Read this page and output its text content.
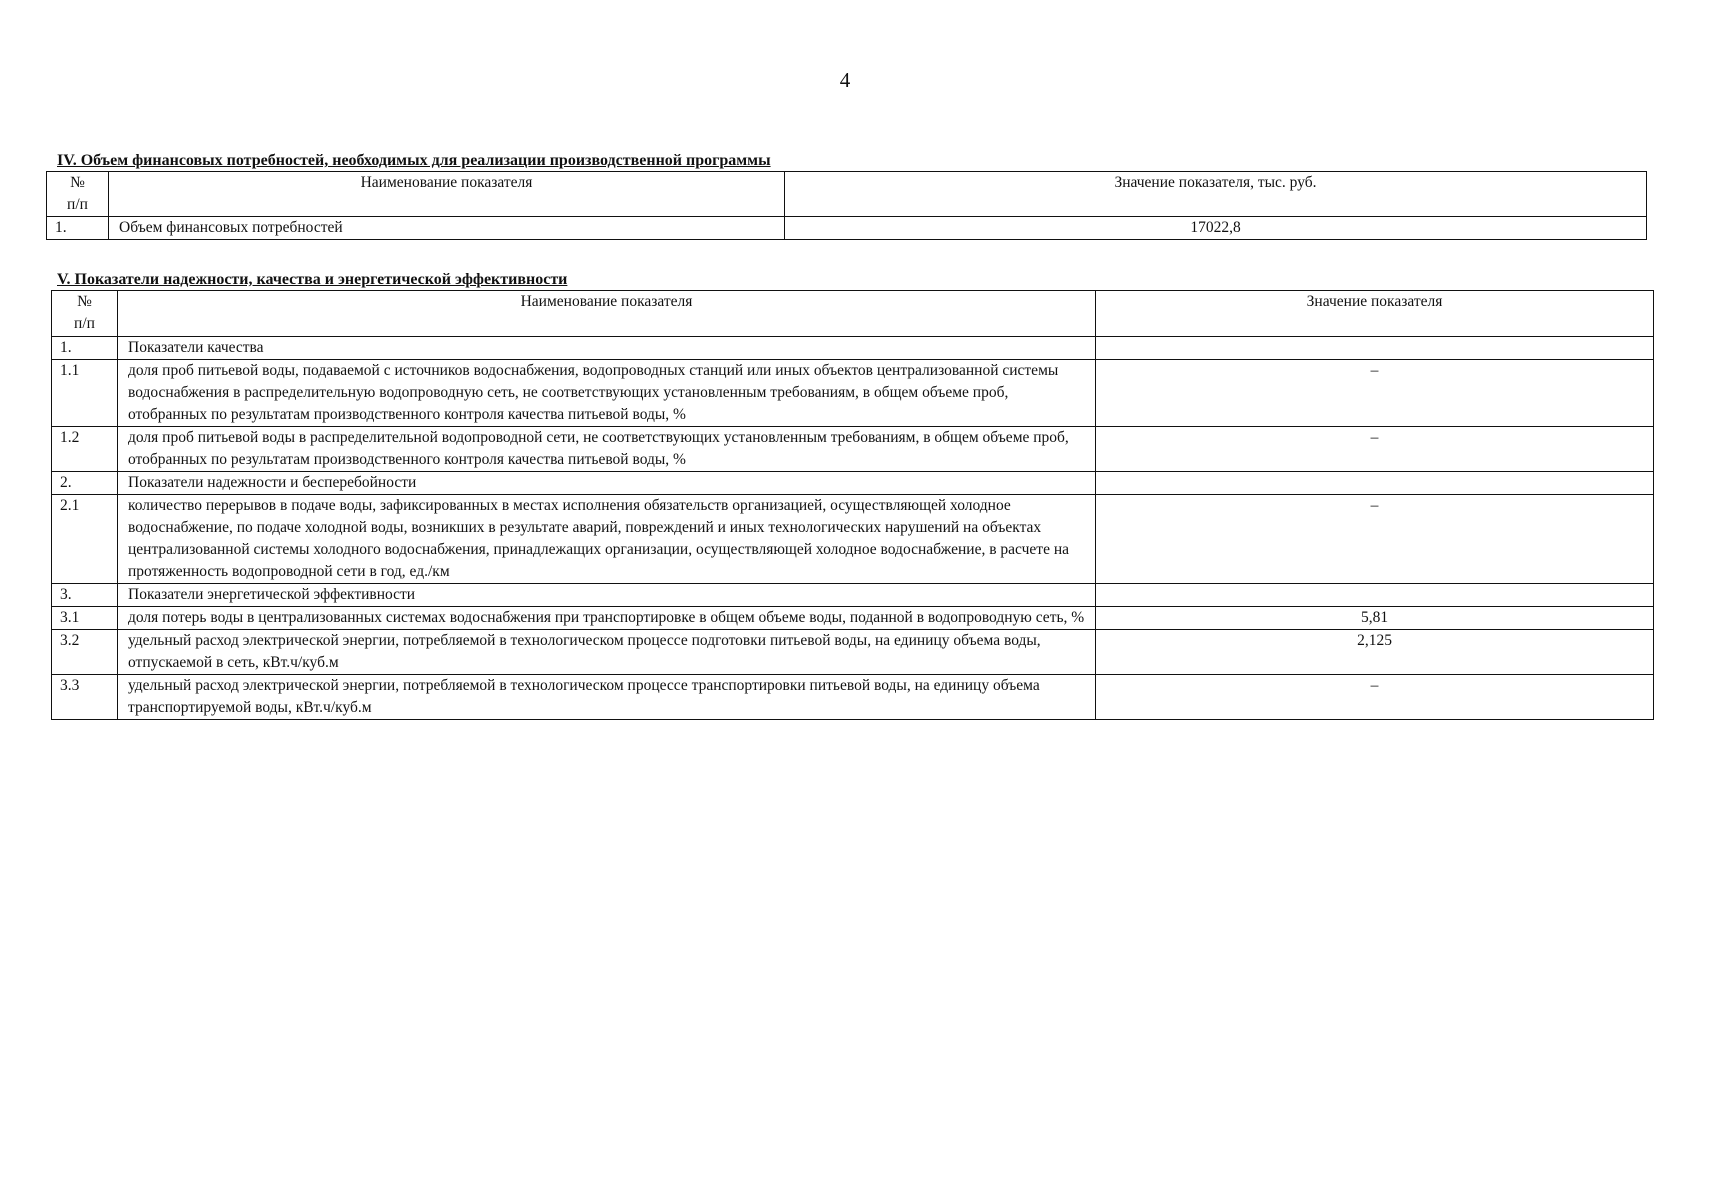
4
IV. Объем финансовых потребностей, необходимых для реализации производственной программы
№
п/п	Наименование показателя	Значение показателя, тыс. руб.
1.	Объем финансовых потребностей	17022,8
V. Показатели надежности, качества и энергетической эффективности
№
п/п	Наименование показателя	Значение показателя
1.	Показатели качества	
1.1	доля проб питьевой воды, подаваемой с источников водоснабжения, водопроводных станций или иных объектов централизованной системы водоснабжения в распределительную водопроводную сеть, не соответствующих установленным требованиям, в общем объеме проб, отобранных по результатам производственного контроля качества питьевой воды, %	–
1.2	доля проб питьевой воды в распределительной водопроводной сети, не соответствующих установленным требованиям, в общем объеме проб, отобранных по результатам производственного контроля качества питьевой воды, %	–
2.	Показатели надежности и бесперебойности	
2.1	количество перерывов в подаче воды, зафиксированных в местах исполнения обязательств организацией, осуществляющей холодное водоснабжение, по подаче холодной воды, возникших в результате аварий, повреждений и иных технологических нарушений на объектах централизованной системы холодного водоснабжения, принадлежащих организации, осуществляющей холодное водоснабжение, в расчете на протяженность водопроводной сети в год, ед./км	–
3.	Показатели энергетической эффективности	
3.1	доля потерь воды в централизованных системах водоснабжения при транспортировке в общем объеме воды, поданной в водопроводную сеть, %	5,81
3.2	удельный расход электрической энергии, потребляемой в технологическом процессе подготовки питьевой воды, на единицу объема воды, отпускаемой в сеть, кВт.ч/куб.м	2,125
3.3	удельный расход электрической энергии, потребляемой в технологическом процессе транспортировки питьевой воды, на единицу объема транспортируемой воды, кВт.ч/куб.м	–
